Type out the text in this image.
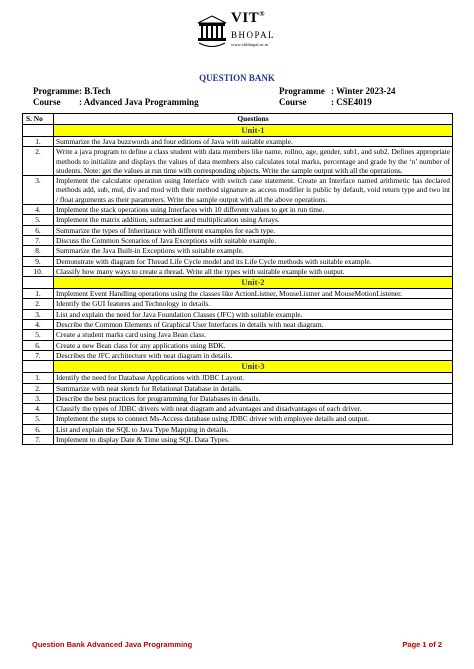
VIT®
BHOPAL
www.vitbhopal.ac.in
QUESTION BANK
Programme : B.Tech
Course : Advanced Java Programming
Programme : Winter 2023-24
Course	: CSE4019
S. No	Questions
	Unit-1
1.	Summarize the Java buzzwords and four editions of Java with suitable example.
2.	Write a java program to define a class student with data members like name, rollno, age, gender, sub1, and sub2. Defines appropriate methods to initialize and displays the values of data members also calculates total marks, percentage and grade by the ‘n’ number of students. Note: get the values at run time with corresponding objects. Write the sample output with all the operations.
3.	Implement the calculator operation using Interface with switch case statement. Create an Interface named arithmetic has declared methods add, sub, mul, div and mod with their method signature as access modifier is public by default, void return type and two int / float arguments as their parameters. Write the sample output with all the above operations.
4.	Implement the stack operations using Interfaces with 10 different values to get in run time.
5.	Implement the matrix addition, subtraction and multiplication using Arrays.
6.	Summarize the types of Inheritance with different examples for each type.
7.	Discuss the Common Scenarios of Java Exceptions with suitable example.
8.	Summarize the Java Built-in Exceptions with suitable example.
9.	Demonstrate with diagram for Thread Life Cycle model and its Life Cycle methods with suitable example.
10.	Classify how many ways to create a thread. Write all the types with suitable example with output.
	Unit-2
1.	Implement Event Handling operations using the classes like ActionListner, MouseListner and MouseMotionListener.
2.	Identify the GUI features and Technology in details.
3.	List and explain the need for Java Foundation Classes (JFC) with suitable example.
4.	Describe the Common Elements of Graphical User Interfaces in details with neat diagram.
5.	Create a student marks card using Java Bean class.
6.	Create a new Bean class for any applications using BDK.
7.	Describes the JFC architecture with neat diagram in details.
	Unit-3
1.	Identify the need for Database Applications with JDBC Layout.
2.	Summarize with neat sketch for Relational Database in details.
3.	Describe the best practices for programming for Databases in details.
4.	Classify the types of JDBC drivers with neat diagram and advantages and disadvantages of each driver.
5.	Implement the steps to connect Ms-Access database using JDBC driver with employee details and output.
6.	List and explain the SQL to Java Type Mapping in details.
7.	Implement to display Date & Time using SQL Data Types.
Question Bank Advanced Java Programming	Page 1 of 2
